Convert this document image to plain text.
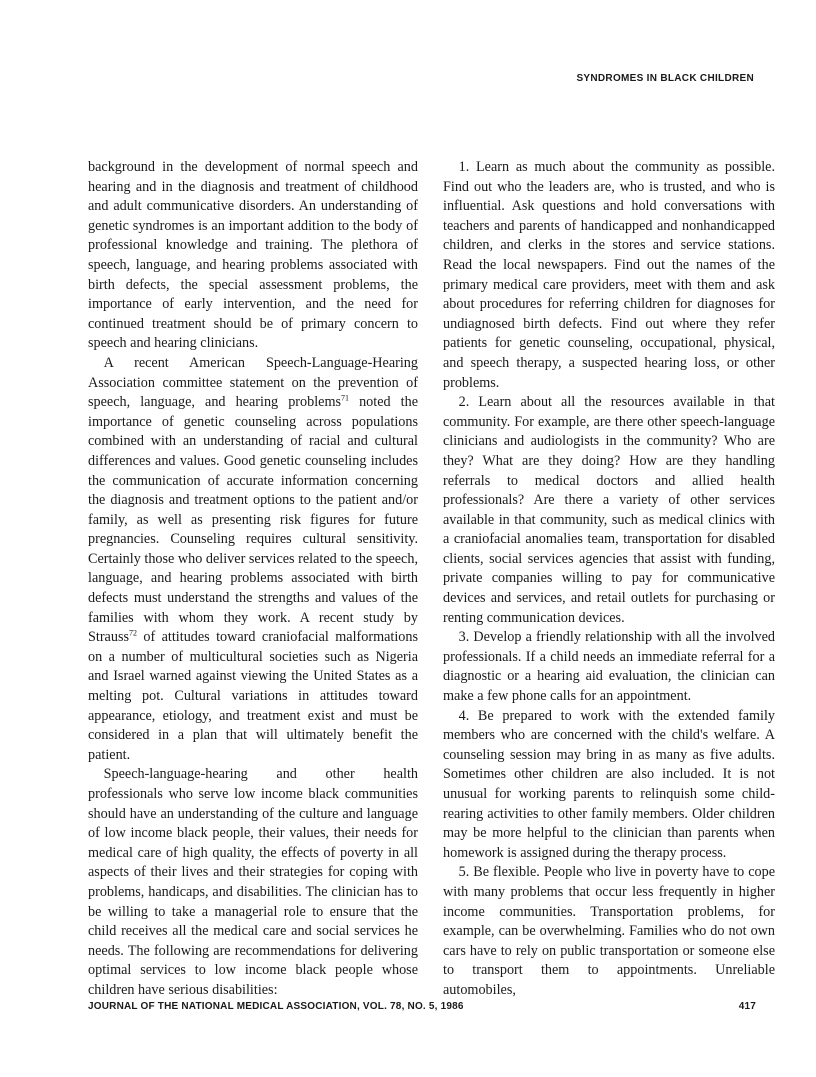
SYNDROMES IN BLACK CHILDREN

background in the development of normal speech and hearing and in the diagnosis and treatment of childhood and adult communicative disorders. An understanding of genetic syndromes is an important addition to the body of professional knowledge and training. The plethora of speech, language, and hearing problems associated with birth defects, the special assessment problems, the importance of early intervention, and the need for continued treatment should be of primary concern to speech and hearing clinicians.

A recent American Speech-Language-Hearing Association committee statement on the prevention of speech, language, and hearing problems$^{71}$ noted the importance of genetic counseling across populations combined with an understanding of racial and cultural differences and values. Good genetic counseling includes the communication of accurate information concerning the diagnosis and treatment options to the patient and/or family, as well as presenting risk figures for future pregnancies. Counseling requires cultural sensitivity. Certainly those who deliver services related to the speech, language, and hearing problems associated with birth defects must understand the strengths and values of the families with whom they work. A recent study by Strauss$^{72}$ of attitudes toward craniofacial malformations on a number of multicultural societies such as Nigeria and Israel warned against viewing the United States as a melting pot. Cultural variations in attitudes toward appearance, etiology, and treatment exist and must be considered in a plan that will ultimately benefit the patient.

Speech-language-hearing and other health professionals who serve low income black communities should have an understanding of the culture and language of low income black people, their values, their needs for medical care of high quality, the effects of poverty in all aspects of their lives and their strategies for coping with problems, handicaps, and disabilities. The clinician has to be willing to take a managerial role to ensure that the child receives all the medical care and social services he needs. The following are recommendations for delivering optimal services to low income black people whose children have serious disabilities:

1. Learn as much about the community as possible. Find out who the leaders are, who is trusted, and who is influential. Ask questions and hold conversations with teachers and parents of handicapped and nonhandicapped children, and clerks in the stores and service stations. Read the local newspapers. Find out the names of the primary medical care providers, meet with them and ask about procedures for referring children for diagnoses for undiagnosed birth defects. Find out where they refer patients for genetic counseling, occupational, physical, and speech therapy, a suspected hearing loss, or other problems.

2. Learn about all the resources available in that community. For example, are there other speech-language clinicians and audiologists in the community? Who are they? What are they doing? How are they handling referrals to medical doctors and allied health professionals? Are there a variety of other services available in that community, such as medical clinics with a craniofacial anomalies team, transportation for disabled clients, social services agencies that assist with funding, private companies willing to pay for communicative devices and services, and retail outlets for purchasing or renting communication devices.

3. Develop a friendly relationship with all the involved professionals. If a child needs an immediate referral for a diagnostic or a hearing aid evaluation, the clinician can make a few phone calls for an appointment.

4. Be prepared to work with the extended family members who are concerned with the child's welfare. A counseling session may bring in as many as five adults. Sometimes other children are also included. It is not unusual for working parents to relinquish some child-rearing activities to other family members. Older children may be more helpful to the clinician than parents when homework is assigned during the therapy process.

5. Be flexible. People who live in poverty have to cope with many problems that occur less frequently in higher income communities. Transportation problems, for example, can be overwhelming. Families who do not own cars have to rely on public transportation or someone else to transport them to appointments. Unreliable automobiles,

JOURNAL OF THE NATIONAL MEDICAL ASSOCIATION, VOL. 78, NO. 5, 1986	417
